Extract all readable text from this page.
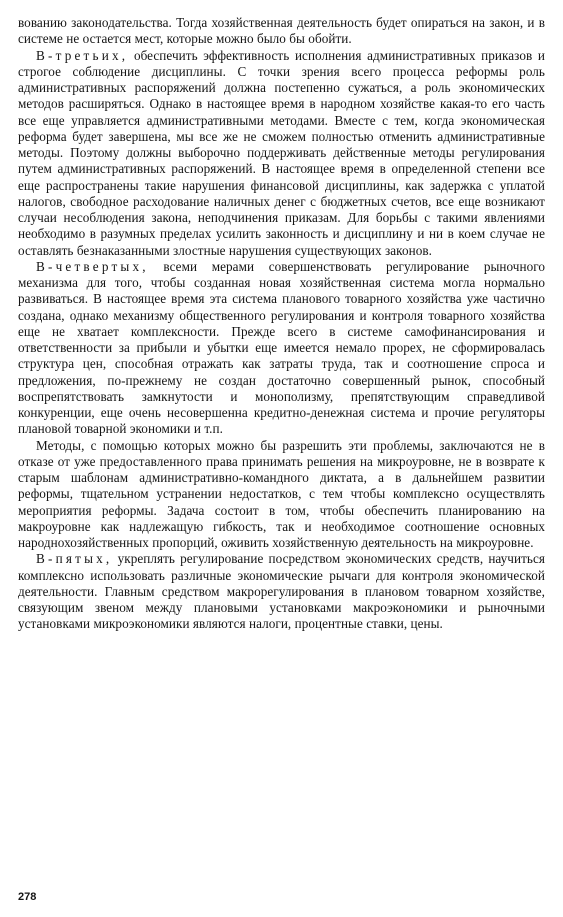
вованию законодательства. Тогда хозяйственная деятельность будет опираться на закон, и в системе не остается мест, которые можно было бы обойти.

В-третьих, обеспечить эффективность исполнения административных приказов и строгое соблюдение дисциплины. С точки зрения всего процесса реформы роль административных распоряжений должна постепенно сужаться, а роль экономических методов расширяться. Однако в настоящее время в народном хозяйстве какая-то его часть все еще управляется административными методами. Вместе с тем, когда экономическая реформа будет завершена, мы все же не сможем полностью отменить административные методы. Поэтому должны выборочно поддерживать действенные методы регулирования путем административных распоряжений. В настоящее время в определенной степени все еще распространены такие нарушения финансовой дисциплины, как задержка с уплатой налогов, свободное расходование наличных денег с бюджетных счетов, все еще возникают случаи несоблюдения закона, неподчинения приказам. Для борьбы с такими явлениями необходимо в разумных пределах усилить законность и дисциплину и ни в коем случае не оставлять безнаказанными злостные нарушения существующих законов.

В-четвертых, всеми мерами совершенствовать регулирование рыночного механизма для того, чтобы созданная новая хозяйственная система могла нормально развиваться. В настоящее время эта система планового товарного хозяйства уже частично создана, однако механизму общественного регулирования и контроля товарного хозяйства еще не хватает комплексности. Прежде всего в системе самофинансирования и ответственности за прибыли и убытки еще имеется немало прорех, не сформировалась структура цен, способная отражать как затраты труда, так и соотношение спроса и предложения, по-прежнему не создан достаточно совершенный рынок, способный воспрепятствовать замкнутости и монополизму, препятствующим справедливой конкуренции, еще очень несовершенна кредитно-денежная система и прочие регуляторы плановой товарной экономики и т.п.

Методы, с помощью которых можно бы разрешить эти проблемы, заключаются не в отказе от уже предоставленного права принимать решения на микроуровне, не в возврате к старым шаблонам административно-командного диктата, а в дальнейшем развитии реформы, тщательном устранении недостатков, с тем чтобы комплексно осуществлять мероприятия реформы. Задача состоит в том, чтобы обеспечить планированию на макроуровне как надлежащую гибкость, так и необходимое соотношение основных народнохозяйственных пропорций, оживить хозяйственную деятельность на микроуровне.

В-пятых, укреплять регулирование посредством экономических средств, научиться комплексно использовать различные экономические рычаги для контроля экономической деятельности. Главным средством макрорегулирования в плановом товарном хозяйстве, связующим звеном между плановыми установками макроэкономики и рыночными установками микроэкономики являются налоги, процентные ставки, цены.

278
